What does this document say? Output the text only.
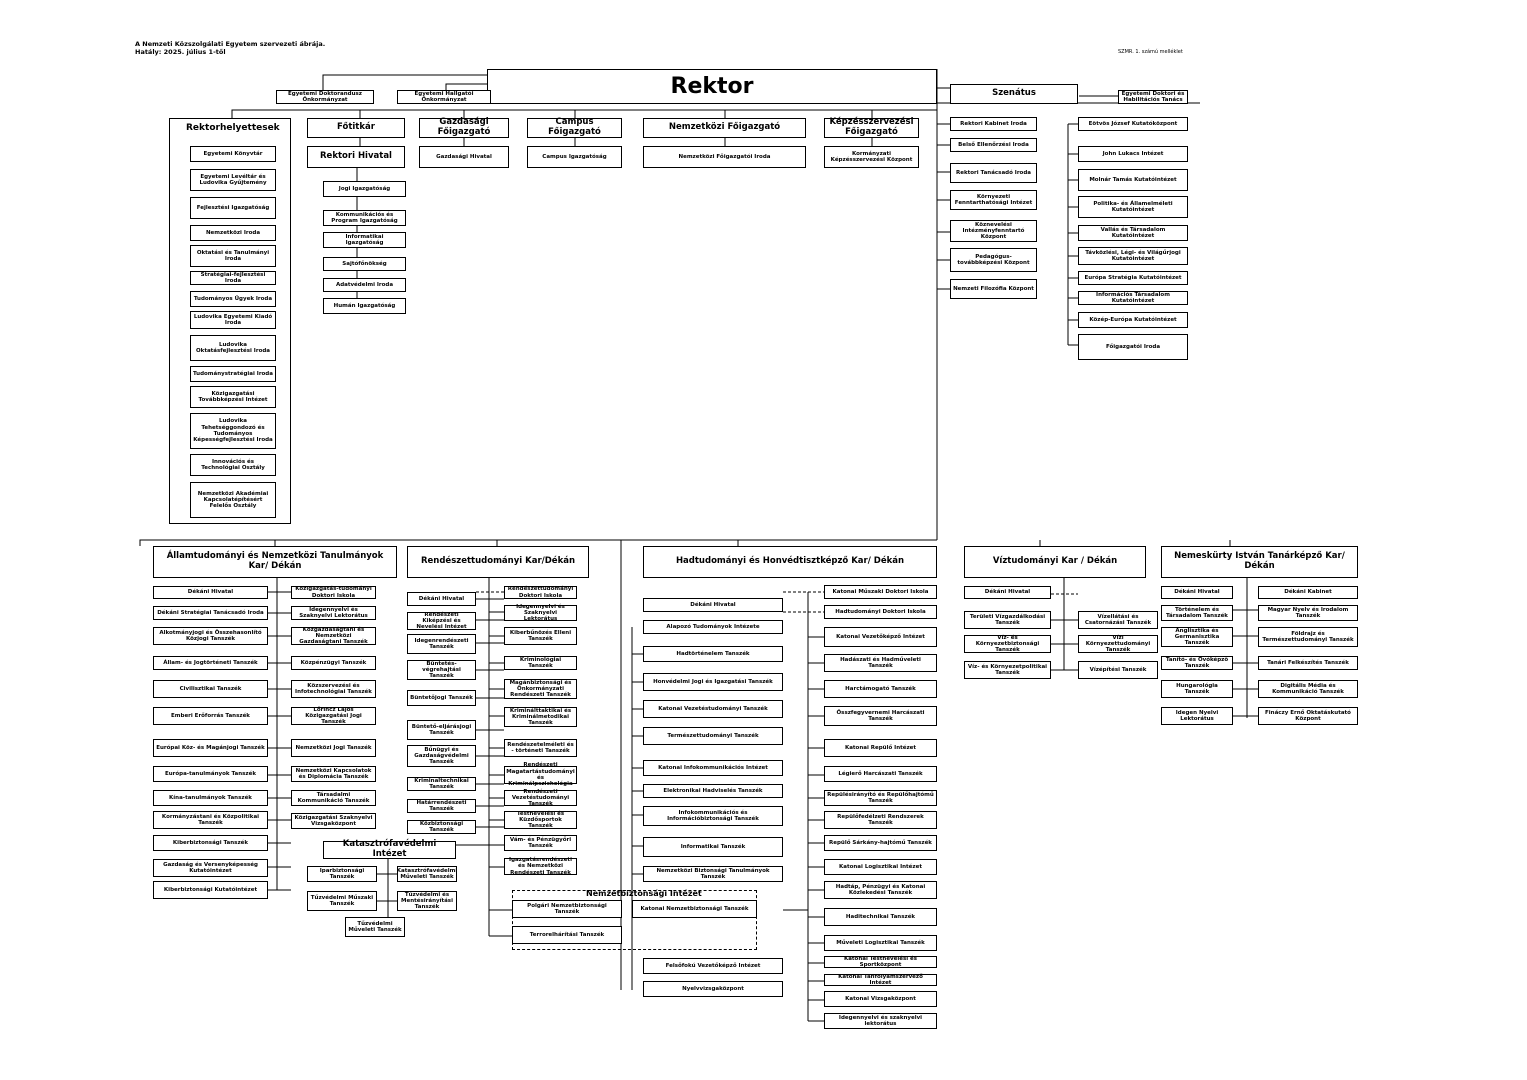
A Nemzeti Közszolgálati Egyetem szervezeti ábrája.
Hatály: 2025. július 1-től	SZMR. 1. számú melléklet
Rektor
Egyetemi Doktorandusz Önkormányzat
Egyetemi Hallgatói Önkormányzat
Szenátus	Egyetemi Doktori és Habilitációs Tanács
Rektorhelyettesek
Egyetemi Könyvtár
Egyetemi Levéltár és Ludovika Gyűjtemény
Fejlesztési Igazgatóság
Nemzetközi Iroda
Oktatási és Tanulmányi Iroda
Stratégiai-fejlesztési Iroda
Tudományos Ügyek Iroda
Ludovika Egyetemi Kiadó Iroda
Ludovika Oktatásfejlesztési Iroda
Tudománystratégiai Iroda
Közigazgatási Továbbképzési Intézet
Ludovika Tehetséggondozó és Tudományos Képességfejlesztési Iroda
Innovációs és Technológiai Osztály
Nemzetközi Akadémiai Kapcsolatépítésért Felelős Osztály
Főtitkár
Rektori Hivatal
Jogi Igazgatóság
Kommunikációs és Program Igazgatóság
Informatikai Igazgatóság
Sajtófőnökség
Adatvédelmi Iroda
Humán Igazgatóság
Gazdasági Főigazgató
Gazdasági Hivatal
Campus Főigazgató
Campus Igazgatóság
Nemzetközi Főigazgató
Nemzetközi Főigazgatói Iroda
Képzésszervezési Főigazgató
Kormányzati Képzésszervezési Központ
Rektori Kabinet Iroda
Belső Ellenőrzési Iroda
Rektori Tanácsadó Iroda
Környezeti Fenntarthatósági Intézet
Köznevelési Intézményfenntartó Központ
Pedagógus-továbbképzési Központ
Nemzeti Filozófia Központ
Eötvös József Kutatóközpont
John Lukacs Intézet
Molnár Tamás Kutatóintézet
Politika- és Államelméleti Kutatóintézet
Vallás és Társadalom Kutatóintézet
Távközlési, Légi- és Világűrjogi Kutatóintézet
Európa Stratégia Kutatóintézet
Információs Társadalom Kutatóintézet
Közép-Európa Kutatóintézet
Főigazgatói Iroda
Államtudományi és Nemzetközi Tanulmányok Kar/ Dékán
Dékáni Hivatal
Dékáni Stratégiai Tanácsadó Iroda
Alkotmányjogi és Összehasonlító Közjogi Tanszék
Állam- és Jogtörténeti Tanszék
Civilisztikai Tanszék
Emberi Erőforrás Tanszék
Európai Köz- és Magánjogi Tanszék
Európa-tanulmányok Tanszék
Kína-tanulmányok Tanszék
Kormányzástani és Közpolitikai Tanszék
Kiberbiztonsági Tanszék
Gazdaság és Versenyképesség Kutatóintézet
Kiberbiztonsági Kutatóintézet
Közigazgatás-tudományi Doktori Iskola
Idegennyelvi és Szaknyelvi Lektorátus
Közgazdaságtani és Nemzetközi Gazdaságtani Tanszék
Közpénzügyi Tanszék
Közszervezési és Infotechnológiai Tanszék
Lőrincz Lajos Közigazgatási Jogi Tanszék
Nemzetközi Jogi Tanszék
Nemzetközi Kapcsolatok és Diplomácia Tanszék
Társadalmi Kommunikáció Tanszék
Közigazgatási Szaknyelvi Vizsgaközpont
Rendészettudományi Kar/Dékán
Dékáni Hivatal
Rendészeti Kiképzési és Nevelési Intézet
Idegenrendészeti Tanszék
Büntetés-végrehajtási Tanszék
Büntetőjogi Tanszék
Büntető-eljárásjogi Tanszék
Bűnügyi és Gazdaságvédelmi Tanszék
Kriminaltechnikai Tanszék
Határrendészeti Tanszék
Közbiztonsági Tanszék
Rendészettudományi Doktori Iskola
Idegennyelvi és Szaknyelvi Lektorátus
Kiberbűnözés Elleni Tanszék
Kriminológiai Tanszék
Magánbiztonsági és Önkormányzati Rendészeti Tanszék
Kriminálttaktikai és Kriminálmetodikai Tanszék
Rendészetelméleti és - történeti Tanszék
Rendészeti Magatartástudományi és Kriminálpszichológia
Rendészeti Vezetéstudományi Tanszék
Testnevelési és Küzdősportok Tanszék
Vám- és Pénzügyőri Tanszék
Igazgatásrendészeti és Nemzetközi Rendészeti Tanszék
Katasztrófavédelmi Intézet
Iparbiztonsági Tanszék
Katasztrófavédelmi Műveleti Tanszék
Tűzvédelmi Műszaki Tanszék
Tűzvédelmi és Mentésirányítási Tanszék
Tűzvédelmi Műveleti Tanszék
Nemzetbiztonsági Intézet
Polgári Nemzetbiztonsági Tanszék
Katonai Nemzetbiztonsági Tanszék
Terrorelhárítási Tanszék
Hadtudományi és Honvédtisztképző Kar/ Dékán
Dékáni Hivatal
Alapozó Tudományok Intézete
Hadtörténelem Tanszék
Honvédelmi Jogi és Igazgatási Tanszék
Katonai Vezetéstudományi Tanszék
Természettudományi Tanszék
Katonai Infokommunikációs Intézet
Elektronikai Hadviselés Tanszék
Infokommunikációs és Információbiztonsági Tanszék
Informatikai Tanszék
Nemzetközi Biztonsági Tanulmányok Tanszék
Felsőfokú Vezetőképző Intézet
Nyelvvizsgaközpont
Katonai Műszaki Doktori Iskola
Hadtudományi Doktori Iskola
Katonai Vezetőképző Intézet
Hadászati és Hadműveleti Tanszék
Harctámogató Tanszék
Összfegyvernemi Harcászati Tanszék
Katonai Repülő Intézet
Légierő Harcászati Tanszék
Repülésirányító és Repülőhajtómű Tanszék
Repülőfedélzeti Rendszerek Tanszék
Repülő Sárkány-hajtómű Tanszék
Katonai Logisztikai Intézet
Hadtáp, Pénzügyi és Katonai Közlekedési Tanszék
Haditechnikai Tanszék
Műveleti Logisztikai Tanszék
Katonai Testnevelési és Sportközpont
Katonai Tanfolyamszervező Intézet
Katonai Vizsgaközpont
Idegennyelvi és szaknyelvi lektorátus
Víztudományi Kar / Dékán
Dékáni Hivatal
Területi Vízgazdálkodási Tanszék
Víz- és Környezetbiztonsági Tanszék
Víz- és Környezetpolitikai Tanszék
Vízellátási és Csatornázási Tanszék
Vízi Környezettudományi Tanszék
Vízépítési Tanszék
Nemeskürty István Tanárképző Kar/ Dékán
Dékáni Hivatal
Történelem és Társadalom Tanszék
Anglisztika és Germanisztika Tanszék
Tanító- és Óvóképző Tanszék
Hungarológia Tanszék
Idegen Nyelvi Lektorátus
Dékáni Kabinet
Magyar Nyelv és Irodalom Tanszék
Földrajz és Természettudományi Tanszék
Tanári Felkészítés Tanszék
Digitális Média és Kommunikáció Tanszék
Fináczy Ernő Oktatáskutató Központ
